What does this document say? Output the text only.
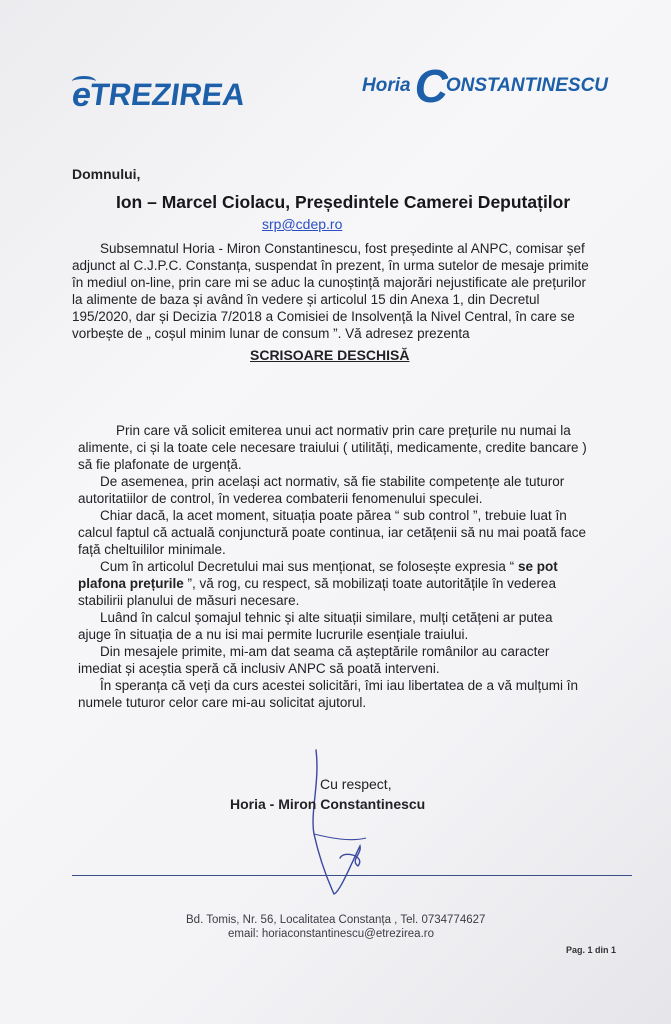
e
TREZIREA	Horia C
ONSTANTINESCU
Domnului,
Ion – Marcel Ciolacu, Președintele Camerei Deputaților
srp@cdep.ro
Subsemnatul Horia - Miron Constantinescu, fost președinte al ANPC, comisar șef
adjunct al C.J.P.C. Constanța, suspendat în prezent, în urma sutelor de mesaje primite
în mediul on-line, prin care mi se aduc la cunoștință majorări nejustificate ale prețurilor
la alimente de baza și având în vedere și articolul 15 din Anexa 1, din Decretul
195/2020, dar și Decizia 7/2018 a Comisiei de Insolvență la Nivel Central, în care se
vorbește de „ coșul minim lunar de consum ”. Vă adresez prezenta
SCRISOARE DESCHISĂ
Prin care vă solicit emiterea unui act normativ prin care prețurile nu numai la
alimente, ci și la toate cele necesare traiului ( utilități, medicamente, credite bancare )
să fie plafonate de urgență.
De asemenea, prin același act normativ, să fie stabilite competențe ale tuturor
autoritatiilor de control, în vederea combaterii fenomenului speculei.
Chiar dacă, la acet moment, situația poate părea “ sub control ”, trebuie luat în
calcul faptul că actuală conjunctură poate continua, iar cetățenii să nu mai poată face
față cheltuililor minimale.
Cum în articolul Decretului mai sus menționat, se folosește expresia “ se pot
plafona prețurile ”, vă rog, cu respect, să mobilizați toate autoritățile în vederea
stabilirii planului de măsuri necesare.
Luând în calcul șomajul tehnic și alte situații similare, mulți cetățeni ar putea
ajuge în situația de a nu isi mai permite lucrurile esențiale traiului.
Din mesajele primite, mi-am dat seama că așteptările românilor au caracter
imediat și aceștia speră că inclusiv ANPC să poată interveni.
În speranța că veți da curs acestei solicitări, îmi iau libertatea de a vă mulțumi în
numele tuturor celor care mi-au solicitat ajutorul.
Cu respect,
Horia - Miron Constantinescu
Bd. Tomis, Nr. 56, Localitatea Constanța , Tel. 0734774627
email: horiaconstantinescu@etrezirea.ro
Pag. 1 din 1
